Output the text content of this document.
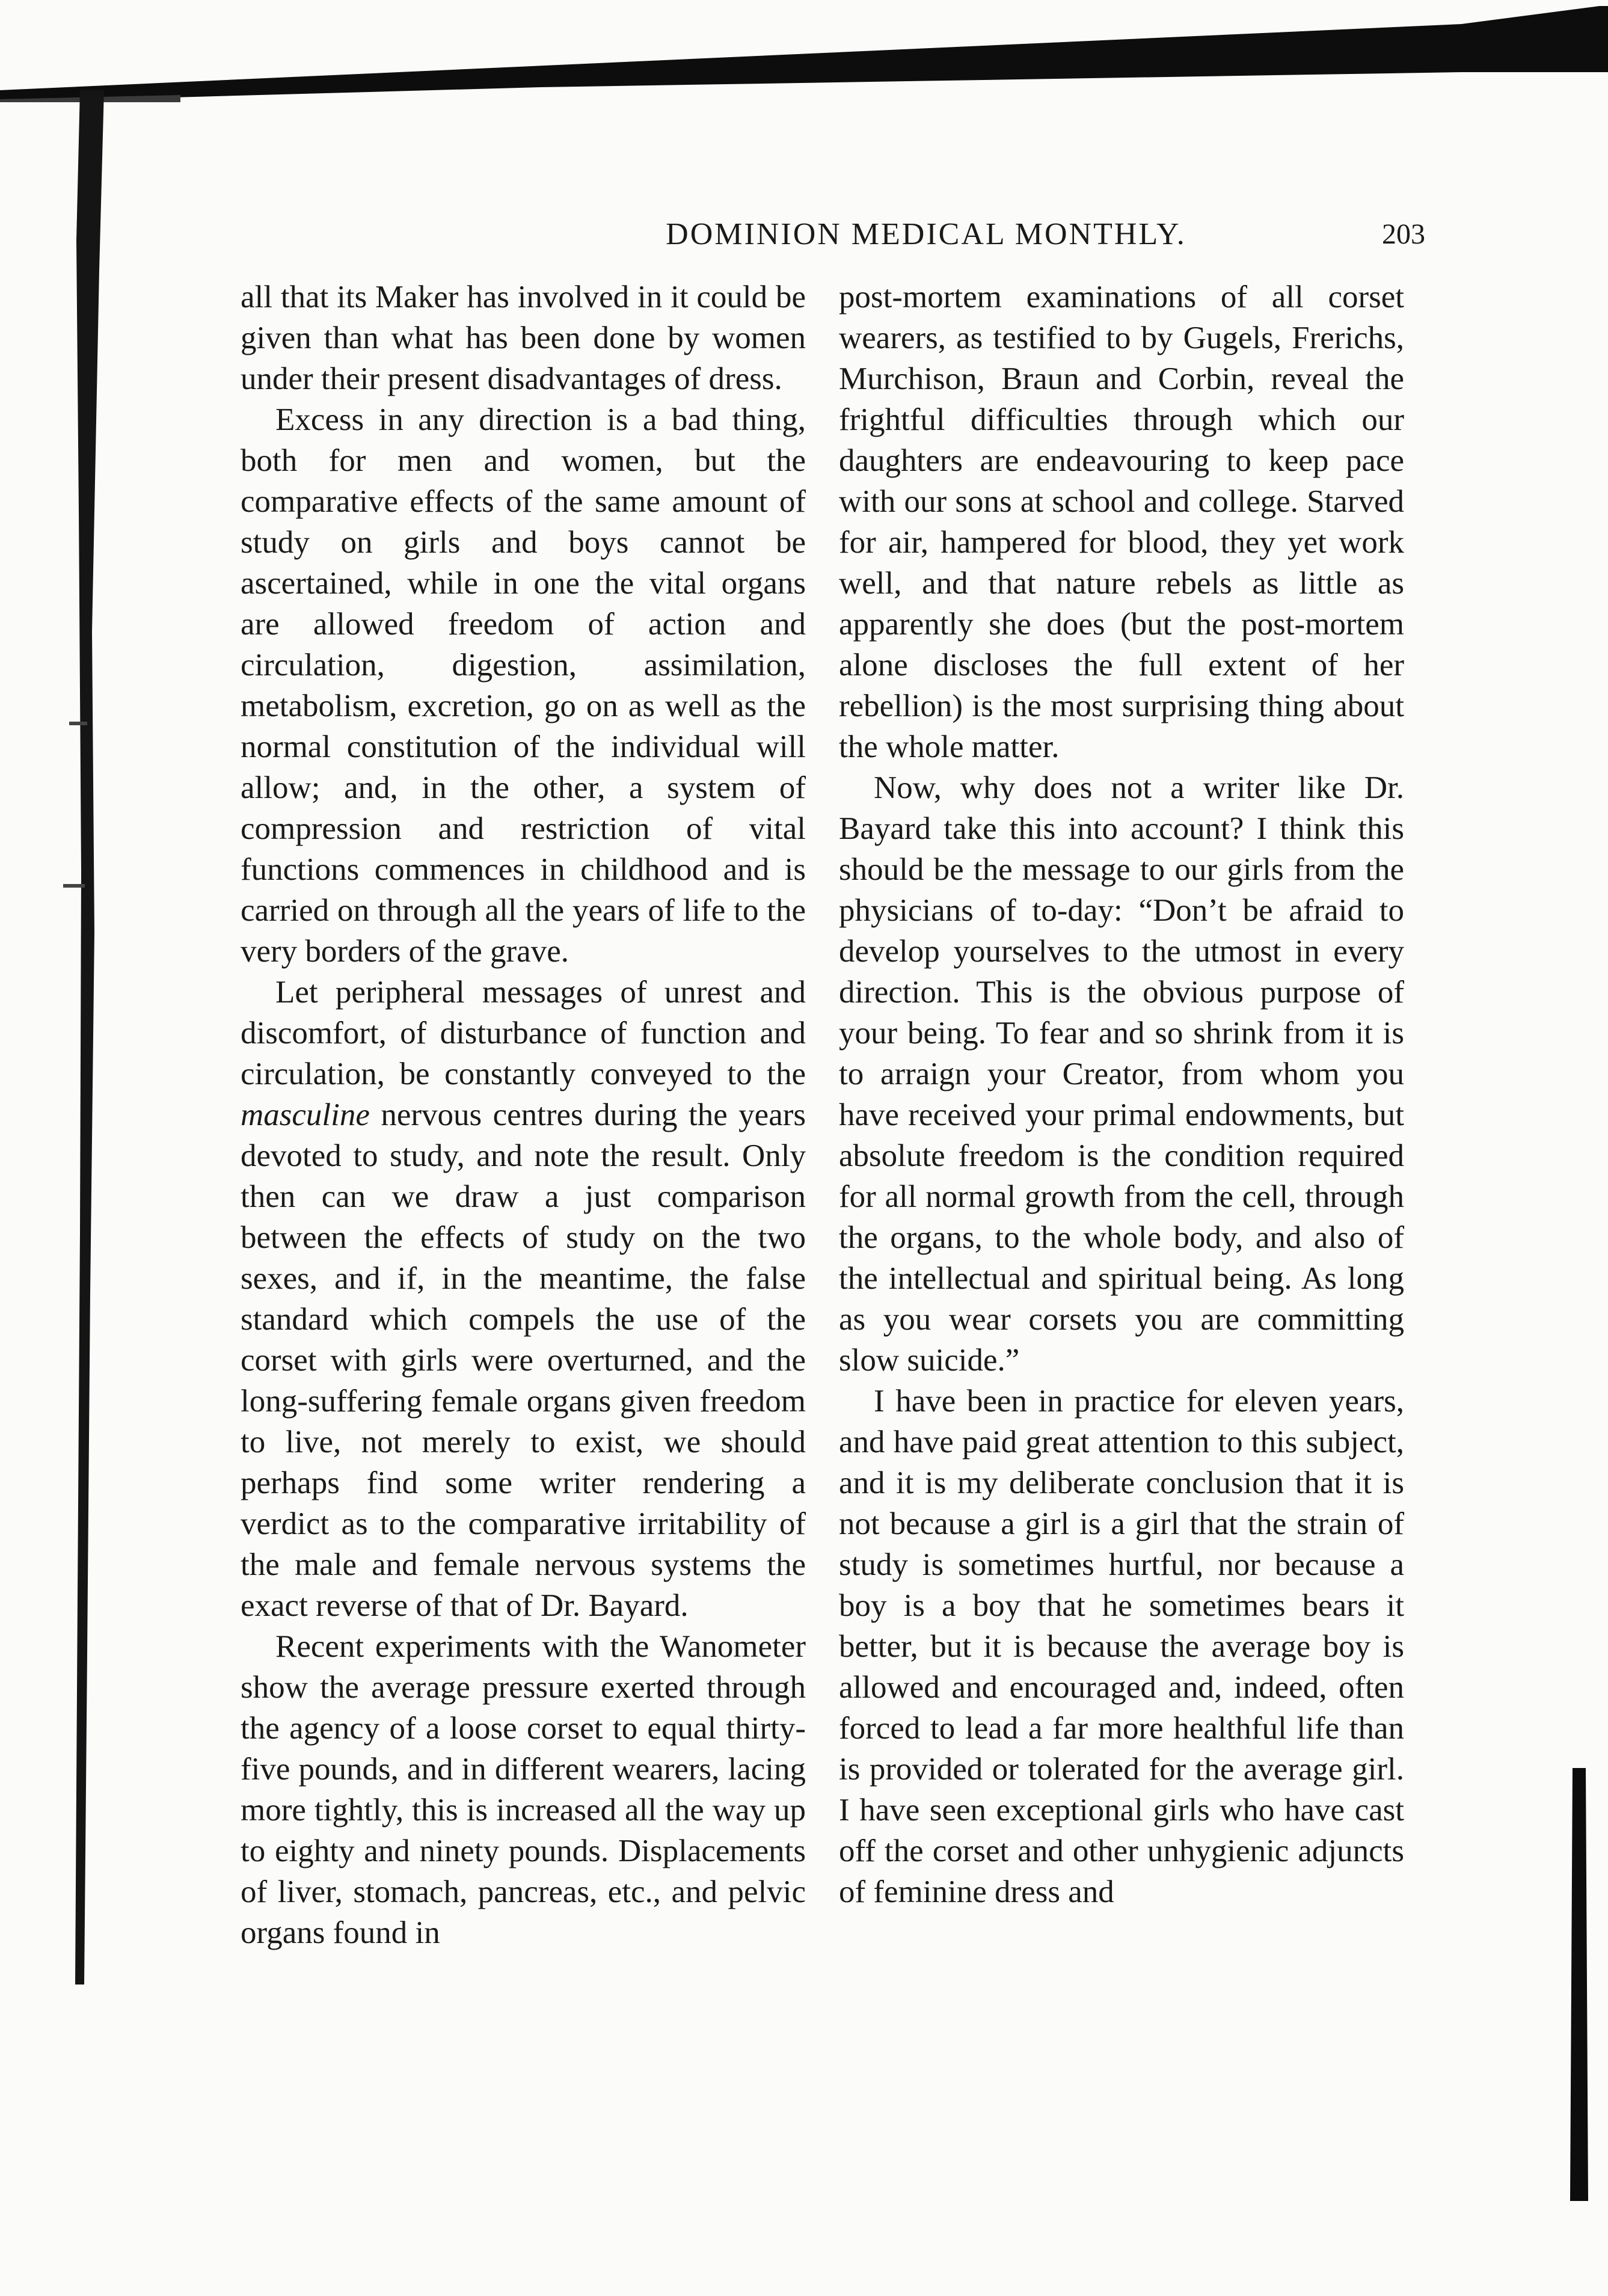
DOMINION MEDICAL MONTHLY.	203

all that its Maker has involved in it could be given than what has been done by women under their present disadvantages of dress.

Excess in any direction is a bad thing, both for men and women, but the comparative effects of the same amount of study on girls and boys cannot be ascertained, while in one the vital organs are allowed freedom of action and circulation, digestion, assimilation, metabolism, excretion, go on as well as the normal constitution of the individual will allow; and, in the other, a system of compression and restriction of vital functions commences in childhood and is carried on through all the years of life to the very borders of the grave.

Let peripheral messages of unrest and discomfort, of disturbance of function and circulation, be constantly conveyed to the masculine nervous centres during the years devoted to study, and note the result. Only then can we draw a just comparison between the effects of study on the two sexes, and if, in the meantime, the false standard which compels the use of the corset with girls were overturned, and the long-suffering female organs given freedom to live, not merely to exist, we should perhaps find some writer rendering a verdict as to the comparative irritability of the male and female nervous systems the exact reverse of that of Dr. Bayard.

Recent experiments with the Wanometer show the average pressure exerted through the agency of a loose corset to equal thirty-five pounds, and in different wearers, lacing more tightly, this is increased all the way up to eighty and ninety pounds. Displacements of liver, stomach, pancreas, etc., and pelvic organs found in

post-mortem examinations of all corset wearers, as testified to by Gugels, Frerichs, Murchison, Braun and Corbin, reveal the frightful difficulties through which our daughters are endeavouring to keep pace with our sons at school and college. Starved for air, hampered for blood, they yet work well, and that nature rebels as little as apparently she does (but the post-mortem alone discloses the full extent of her rebellion) is the most surprising thing about the whole matter.

Now, why does not a writer like Dr. Bayard take this into account? I think this should be the message to our girls from the physicians of to-day: “Don’t be afraid to develop yourselves to the utmost in every direction. This is the obvious purpose of your being. To fear and so shrink from it is to arraign your Creator, from whom you have received your primal endowments, but absolute freedom is the condition required for all normal growth from the cell, through the organs, to the whole body, and also of the intellectual and spiritual being. As long as you wear corsets you are committing slow suicide.”

I have been in practice for eleven years, and have paid great attention to this subject, and it is my deliberate conclusion that it is not because a girl is a girl that the strain of study is sometimes hurtful, nor because a boy is a boy that he sometimes bears it better, but it is because the average boy is allowed and encouraged and, indeed, often forced to lead a far more healthful life than is provided or tolerated for the average girl. I have seen exceptional girls who have cast off the corset and other unhygienic adjuncts of feminine dress and
